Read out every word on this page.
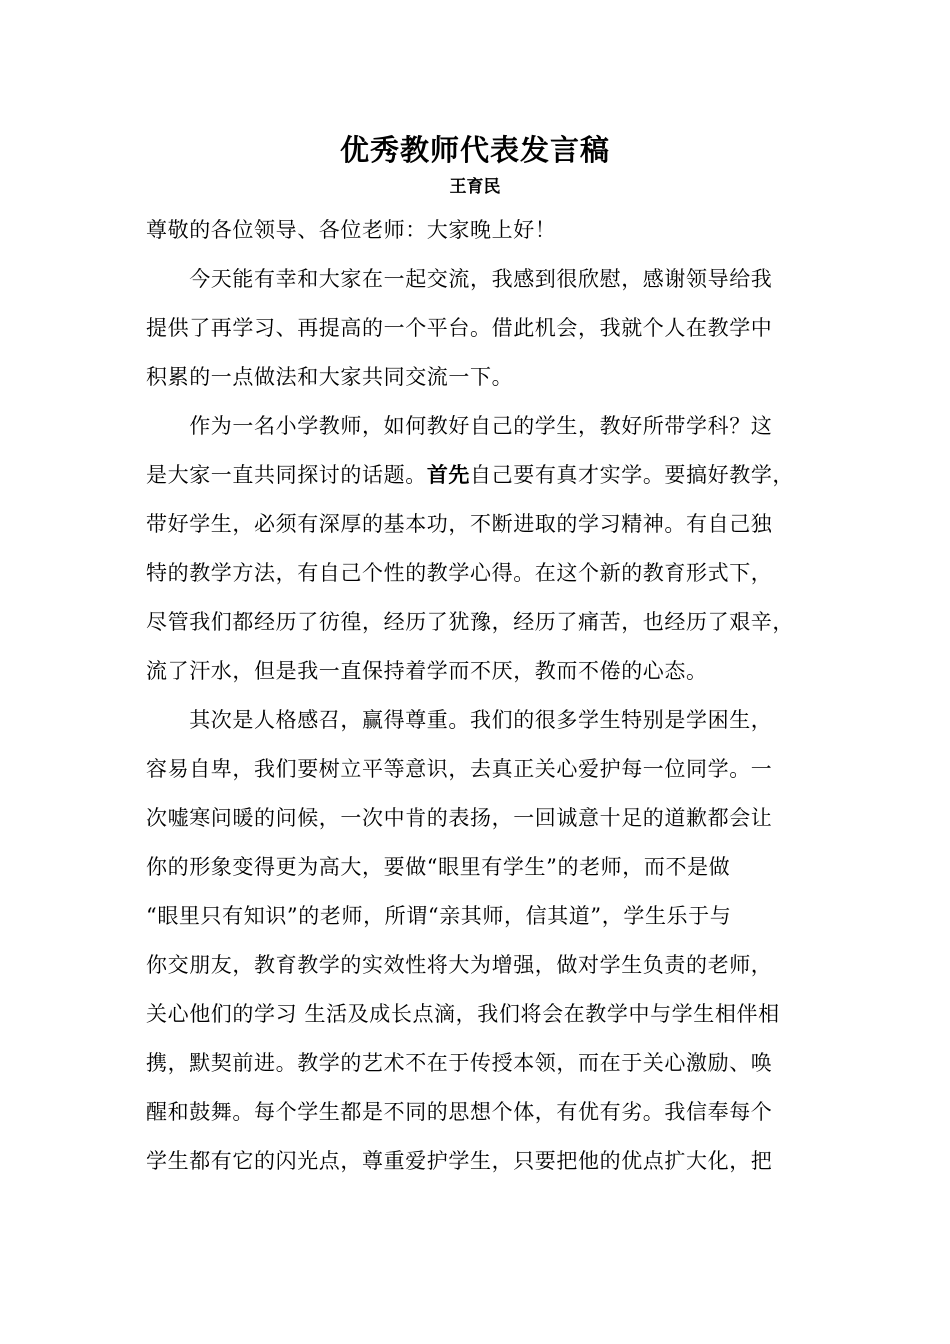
优秀教师代表发言稿
王育民
尊敬的各位领导、各位老师：大家晚上好！
　　今天能有幸和大家在一起交流，我感到很欣慰，感谢领导给我
提供了再学习、再提高的一个平台。借此机会，我就个人在教学中
积累的一点做法和大家共同交流一下。
　　作为一名小学教师，如何教好自己的学生，教好所带学科？这
是大家一直共同探讨的话题。首先自己要有真才实学。要搞好教学，
带好学生，必须有深厚的基本功，不断进取的学习精神。有自己独
特的教学方法，有自己个性的教学心得。在这个新的教育形式下，
尽管我们都经历了彷徨，经历了犹豫，经历了痛苦，也经历了艰辛，
流了汗水，但是我一直保持着学而不厌，教而不倦的心态。
　　其次是人格感召，赢得尊重。我们的很多学生特别是学困生，
容易自卑，我们要树立平等意识，去真正关心爱护每一位同学。一
次嘘寒问暖的问候，一次中肯的表扬，一回诚意十足的道歉都会让
你的形象变得更为高大，要做“眼里有学生”的老师，而不是做
“眼里只有知识”的老师，所谓“亲其师，信其道”，学生乐于与
你交朋友，教育教学的实效性将大为增强，做对学生负责的老师，
关心他们的学习 生活及成长点滴，我们将会在教学中与学生相伴相
携，默契前进。教学的艺术不在于传授本领，而在于关心激励、唤
醒和鼓舞。每个学生都是不同的思想个体，有优有劣。我信奉每个
学生都有它的闪光点，尊重爱护学生，只要把他的优点扩大化，把
